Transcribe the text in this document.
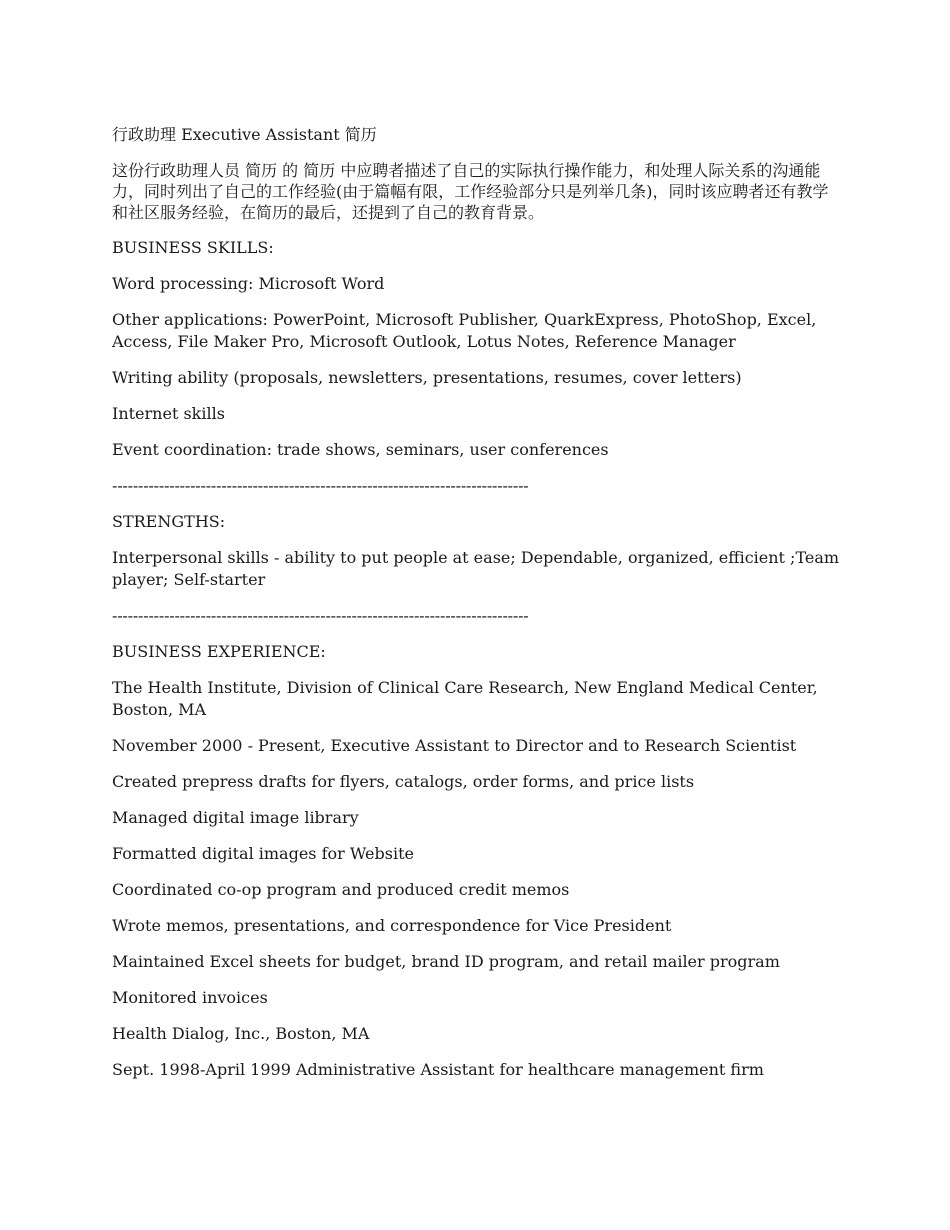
行政助理 Executive Assistant 简历

这份行政助理人员 简历 的 简历 中应聘者描述了自己的实际执行操作能力，和处理人际关系的沟通能力，同时列出了自己的工作经验(由于篇幅有限，工作经验部分只是列举几条)，同时该应聘者还有教学和社区服务经验，在简历的最后，还提到了自己的教育背景。

BUSINESS SKILLS:

Word processing: Microsoft Word

Other applications: PowerPoint, Microsoft Publisher, QuarkExpress, PhotoShop, Excel, Access, File Maker Pro, Microsoft Outlook, Lotus Notes, Reference Manager

Writing ability (proposals, newsletters, presentations, resumes, cover letters)

Internet skills

Event coordination: trade shows, seminars, user conferences

--------------------------------------------------------------------------------

STRENGTHS:

Interpersonal skills - ability to put people at ease; Dependable, organized, efficient ;Team player; Self-starter

--------------------------------------------------------------------------------

BUSINESS EXPERIENCE:

The Health Institute, Division of Clinical Care Research, New England Medical Center, Boston, MA

November 2000 - Present, Executive Assistant to Director and to Research Scientist

Created prepress drafts for flyers, catalogs, order forms, and price lists

Managed digital image library

Formatted digital images for Website

Coordinated co-op program and produced credit memos

Wrote memos, presentations, and correspondence for Vice President

Maintained Excel sheets for budget, brand ID program, and retail mailer program

Monitored invoices

Health Dialog, Inc., Boston, MA

Sept. 1998-April 1999 Administrative Assistant for healthcare management firm
